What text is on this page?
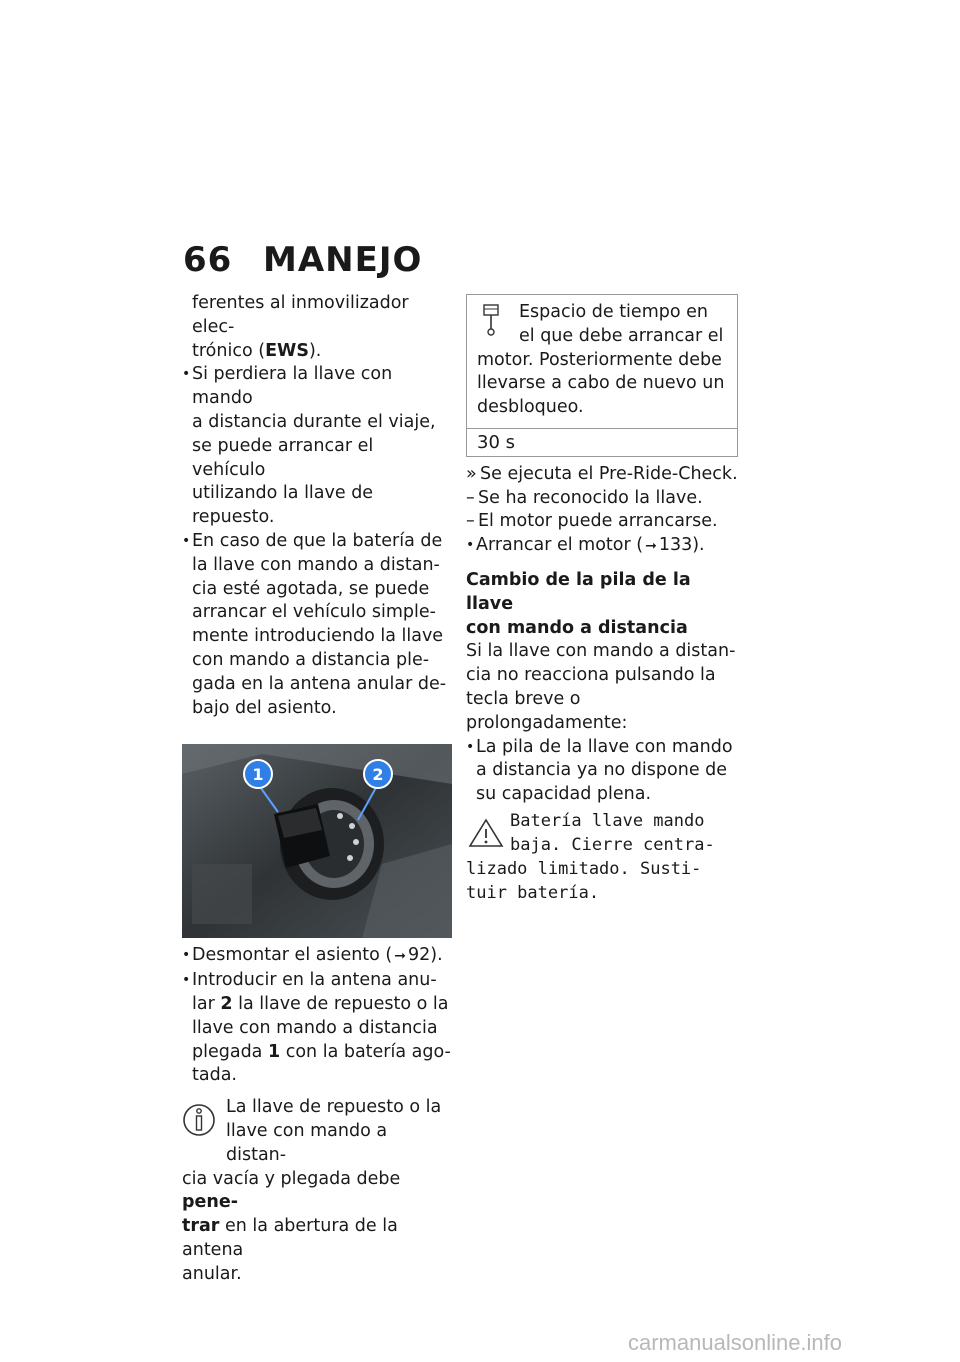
66 MANEJO

ferentes al inmovilizador elec-

trónico (EWS).

• Si perdiera la llave con mando
a distancia durante el viaje,
se puede arrancar el vehículo
utilizando la llave de repuesto.
• En caso de que la batería de
la llave con mando a distan-
cia esté agotada, se puede
arrancar el vehículo simple-
mente introduciendo la llave
con mando a distancia ple-
gada en la antena anular de-
bajo del asiento.
1	2
• Desmontar el asiento ( ➞ 92).
• Introducir en la antena anu-
lar 2 la llave de repuesto o la
llave con mando a distancia
plegada 1 con la batería ago-
tada.
La llave de repuesto o la
llave con mando a distan-
cia vacía y plegada debe pene-
trar en la abertura de la antena
anular.
Espacio de tiempo en
el que debe arrancar el
motor. Posteriormente debe
llevarse a cabo de nuevo un
desbloqueo.
30 s
» Se ejecuta el Pre-Ride-Check.
– Se ha reconocido la llave.
– El motor puede arrancarse.
• Arrancar el motor ( ➞ 133).
Cambio de la pila de la llave
con mando a distancia
Si la llave con mando a distan-
cia no reacciona pulsando la
tecla breve o prolongadamente:
• La pila de la llave con mando
a distancia ya no dispone de
su capacidad plena.
Batería llave mando
baja. Cierre centra-
lizado limitado. Susti-
tuir batería.
carmanualsonline.info
